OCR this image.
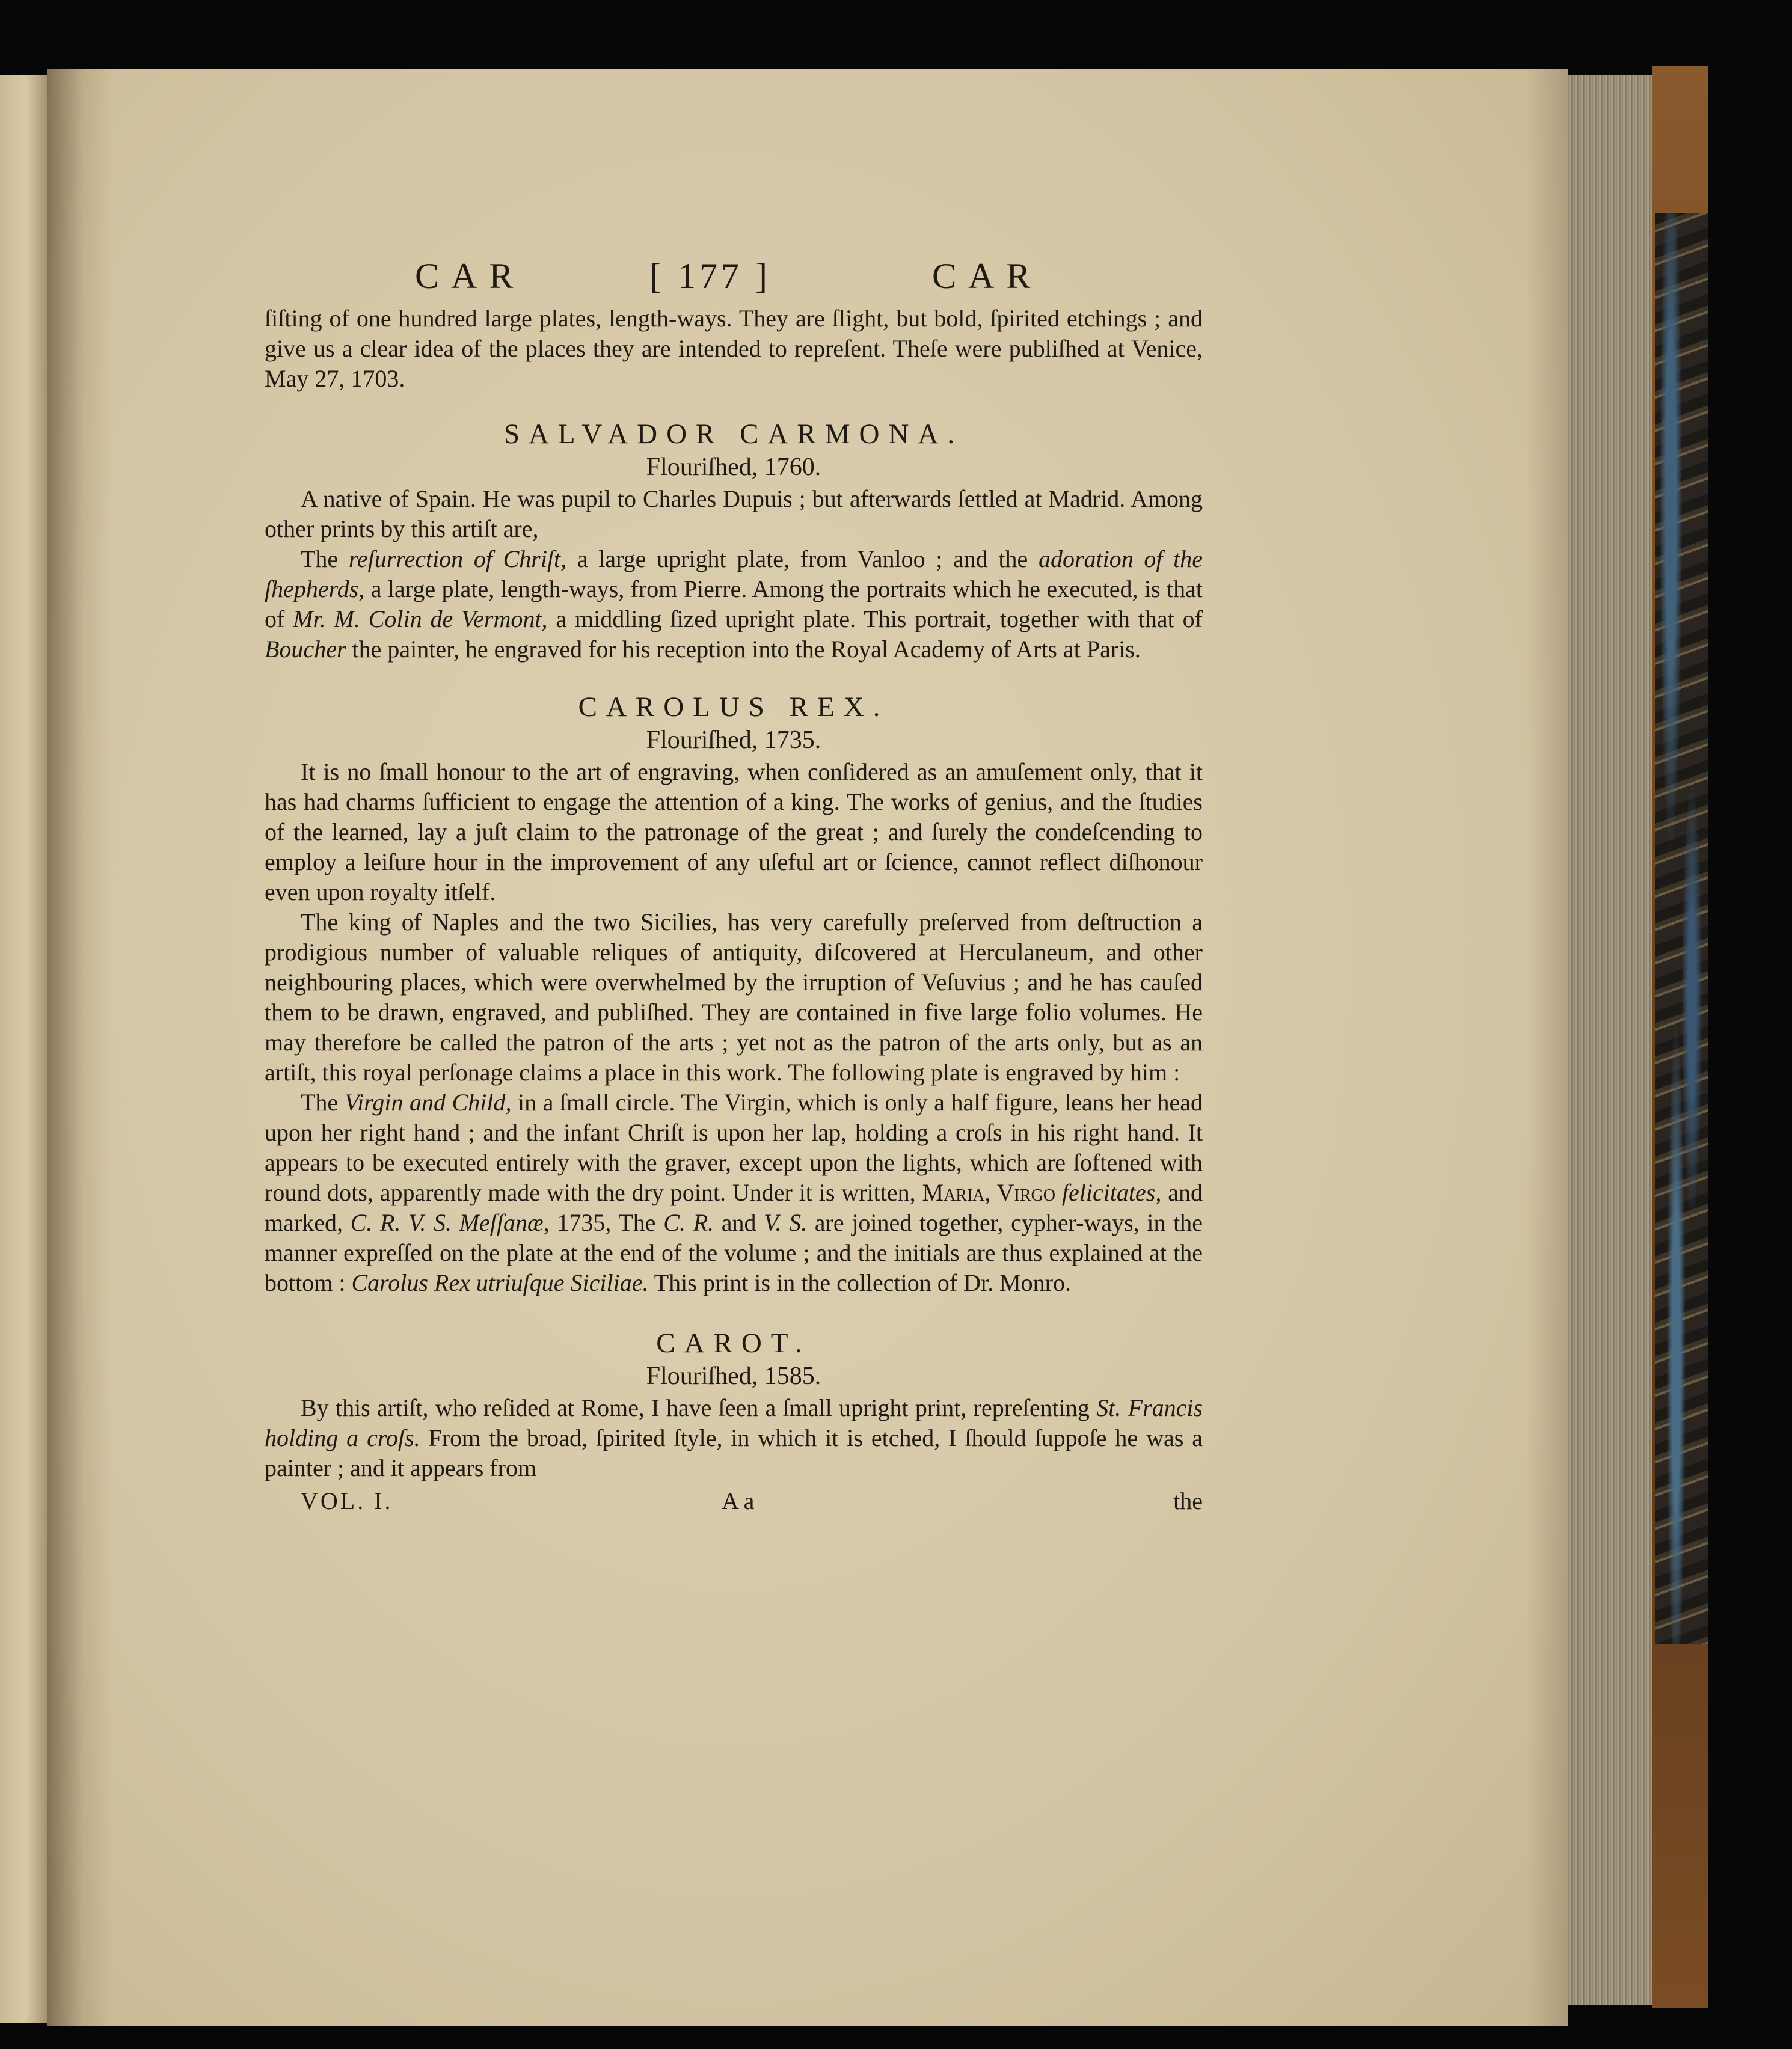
CAR	[ 177 ]	CAR

ſiſting of one hundred large plates, length-ways. They are ſlight, but bold, ſpirited etchings ; and give us a clear idea of the places they are intended to repreſent. Theſe were publiſhed at Venice, May 27, 1703.

SALVADOR CARMONA.
Flouriſhed, 1760.

A native of Spain. He was pupil to Charles Dupuis ; but afterwards ſettled at Madrid. Among other prints by this artiſt are,

The reſurrection of Chriſt, a large upright plate, from Vanloo ; and the adoration of the ſhepherds, a large plate, length-ways, from Pierre. Among the portraits which he executed, is that of Mr. M. Colin de Vermont, a middling ſized upright plate. This portrait, together with that of Boucher the painter, he engraved for his reception into the Royal Academy of Arts at Paris.

CAROLUS REX.
Flouriſhed, 1735.

It is no ſmall honour to the art of engraving, when conſidered as an amuſement only, that it has had charms ſufficient to engage the attention of a king. The works of genius, and the ſtudies of the learned, lay a juſt claim to the patronage of the great ; and ſurely the condeſcending to employ a leiſure hour in the improvement of any uſeful art or ſcience, cannot reflect diſhonour even upon royalty itſelf.

The king of Naples and the two Sicilies, has very carefully preſerved from deſtruction a prodigious number of valuable reliques of antiquity, diſcovered at Herculaneum, and other neighbouring places, which were overwhelmed by the irruption of Veſuvius ; and he has cauſed them to be drawn, engraved, and publiſhed. They are contained in five large folio volumes. He may therefore be called the patron of the arts ; yet not as the patron of the arts only, but as an artiſt, this royal perſonage claims a place in this work. The following plate is engraved by him :

The Virgin and Child, in a ſmall circle. The Virgin, which is only a half figure, leans her head upon her right hand ; and the infant Chriſt is upon her lap, holding a croſs in his right hand. It appears to be executed entirely with the graver, except upon the lights, which are ſoftened with round dots, apparently made with the dry point. Under it is written, Maria, Virgo felicitates, and marked, C. R. V. S. Meſſanæ, 1735, The C. R. and V. S. are joined together, cypher-ways, in the manner expreſſed on the plate at the end of the volume ; and the initials are thus explained at the bottom : Carolus Rex utriuſque Siciliae. This print is in the collection of Dr. Monro.

CAROT.
Flouriſhed, 1585.

By this artiſt, who reſided at Rome, I have ſeen a ſmall upright print, repreſenting St. Francis holding a croſs. From the broad, ſpirited ſtyle, in which it is etched, I ſhould ſuppoſe he was a painter ; and it appears from

VOL. I.	A a	the
